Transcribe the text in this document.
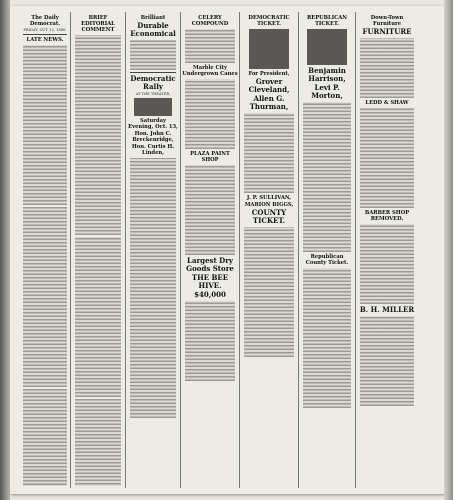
The Daily Democrat.
FRIDAY, OCT. 12, 1888.
LATE NEWS.
BRIEF EDITORIAL COMMENT
Brilliant
Durable Economical
Democratic Rally
AT THE THEATER,
Saturday Evening, Oct. 13,
Hon. John C. Breckenridge,
Hon. Curtis H. Linden,
CELERY COMPOUND
Marble City Undergrown Canes
PLAZA PAINT SHOP
Largest Dry Goods Store
THE BEE HIVE.
$40,000
DEMOCRATIC TICKET.
For President,
Grover Cleveland,
Allen G. Thurman,
J. P. SULLIVAN,
MARION BIGGS,
COUNTY TICKET.
REPUBLICAN TICKET.
Benjamin Harrison,
Levi P. Morton,
Republican County Ticket.
Down-Town Furniture
FURNITURE
LEDD & SHAW
BARBER SHOP REMOVED.
B. H. MILLER
